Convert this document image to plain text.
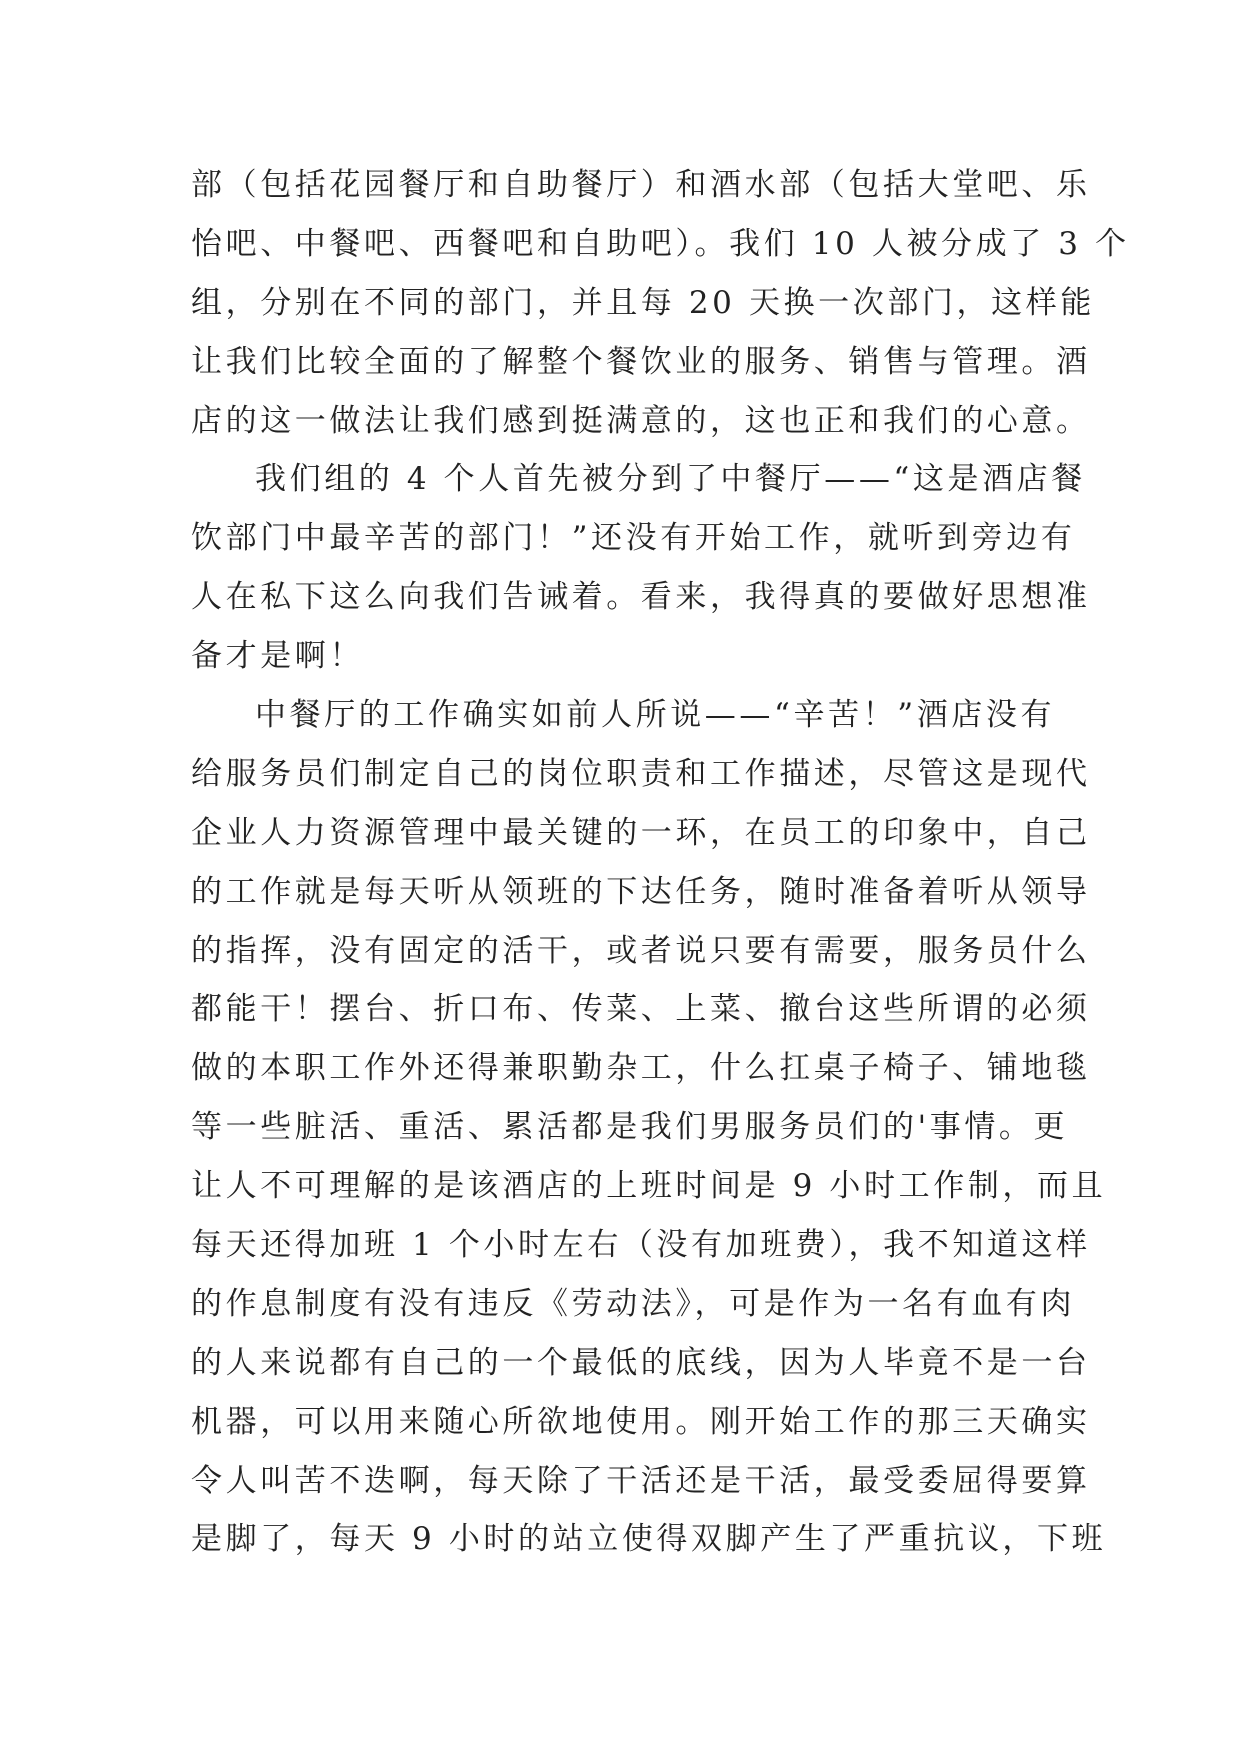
部（包括花园餐厅和自助餐厅）和酒水部（包括大堂吧、乐
怡吧、中餐吧、西餐吧和自助吧）。我们 10 人被分成了 3 个
组，分别在不同的部门，并且每 20 天换一次部门，这样能
让我们比较全面的了解整个餐饮业的服务、销售与管理。酒
店的这一做法让我们感到挺满意的，这也正和我们的心意。
我们组的 4 个人首先被分到了中餐厅——“这是酒店餐
饮部门中最辛苦的部门！”还没有开始工作，就听到旁边有
人在私下这么向我们告诫着。看来，我得真的要做好思想准
备才是啊！
中餐厅的工作确实如前人所说——“辛苦！”酒店没有
给服务员们制定自己的岗位职责和工作描述，尽管这是现代
企业人力资源管理中最关键的一环，在员工的印象中，自己
的工作就是每天听从领班的下达任务，随时准备着听从领导
的指挥，没有固定的活干，或者说只要有需要，服务员什么
都能干！摆台、折口布、传菜、上菜、撤台这些所谓的必须
做的本职工作外还得兼职勤杂工，什么扛桌子椅子、铺地毯
等一些脏活、重活、累活都是我们男服务员们的'事情。更
让人不可理解的是该酒店的上班时间是 9 小时工作制，而且
每天还得加班 1 个小时左右（没有加班费），我不知道这样
的作息制度有没有违反《劳动法》，可是作为一名有血有肉
的人来说都有自己的一个最低的底线，因为人毕竟不是一台
机器，可以用来随心所欲地使用。刚开始工作的那三天确实
令人叫苦不迭啊，每天除了干活还是干活，最受委屈得要算
是脚了，每天 9 小时的站立使得双脚产生了严重抗议，下班
